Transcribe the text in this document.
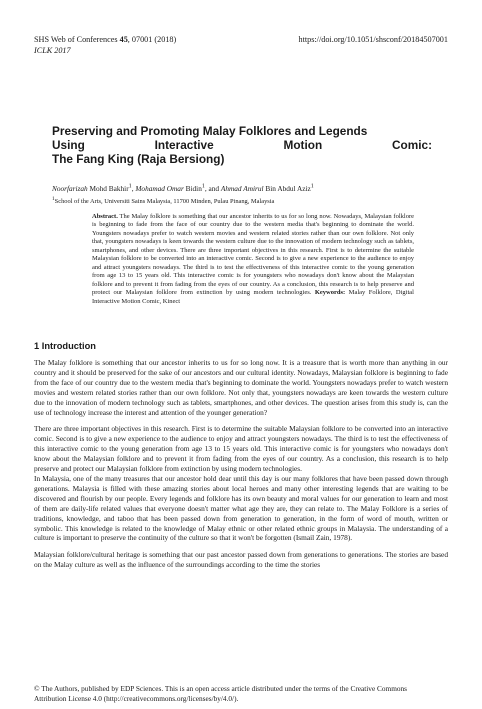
SHS Web of Conferences 45, 07001 (2018)
ICLK 2017
https://doi.org/10.1051/shsconf/20184507001
Preserving and Promoting Malay Folklores and Legends
Using Interactive Motion Comic:
The Fang King (Raja Bersiong)
Noorfarizah Mohd Bakhir$^1$, Mohamad Omar Bidin$^1$, and Ahmad Amirul Bin Abdul Aziz$^1$
$^1$School of the Arts, Universiti Sains Malaysia, 11700 Minden, Pulau Pinang, Malaysia

Abstract. The Malay folklore is something that our ancestor inherits to us for so long now. Nowadays, Malaysian folklore is beginning to fade from the face of our country due to the western media that's beginning to dominate the world. Youngsters nowadays prefer to watch western movies and western related stories rather than our own folklore. Not only that, youngsters nowadays is keen towards the western culture due to the innovation of modern technology such as tablets, smartphones, and other devices. There are three important objectives in this research. First is to determine the suitable Malaysian folklore to be converted into an interactive comic. Second is to give a new experience to the audience to enjoy and attract youngsters nowadays. The third is to test the effectiveness of this interactive comic to the young generation from age 13 to 15 years old. This interactive comic is for youngsters who nowadays don't know about the Malaysian folklore and to prevent it from fading from the eyes of our country. As a conclusion, this research is to help preserve and protect our Malaysian folklore from extinction by using modern technologies. Keywords: Malay Folklore, Digital Interactive Motion Comic, Kinect

1 Introduction

The Malay folklore is something that our ancestor inherits to us for so long now. It is a treasure that is worth more than anything in our country and it should be preserved for the sake of our ancestors and our cultural identity. Nowadays, Malaysian folklore is beginning to fade from the face of our country due to the western media that's beginning to dominate the world. Youngsters nowadays prefer to watch western movies and western related stories rather than our own folklore. Not only that, youngsters nowadays are keen towards the western culture due to the innovation of modern technology such as tablets, smartphones, and other devices. The question arises from this study is, can the use of technology increase the interest and attention of the younger generation?

There are three important objectives in this research. First is to determine the suitable Malaysian folklore to be converted into an interactive comic. Second is to give a new experience to the audience to enjoy and attract youngsters nowadays. The third is to test the effectiveness of this interactive comic to the young generation from age 13 to 15 years old. This interactive comic is for youngsters who nowadays don't know about the Malaysian folklore and to prevent it from fading from the eyes of our country. As a conclusion, this research is to help preserve and protect our Malaysian folklore from extinction by using modern technologies.

In Malaysia, one of the many treasures that our ancestor hold dear until this day is our many folklores that have been passed down through generations. Malaysia is filled with these amazing stories about local heroes and many other interesting legends that are waiting to be discovered and flourish by our people. Every legends and folklore has its own beauty and moral values for our generation to learn and most of them are daily-life related values that everyone doesn't matter what age they are, they can relate to. The Malay Folklore is a series of traditions, knowledge, and taboo that has been passed down from generation to generation, in the form of word of mouth, written or symbolic. This knowledge is related to the knowledge of Malay ethnic or other related ethnic groups in Malaysia. The understanding of a culture is important to preserve the continuity of the culture so that it won't be forgotten (Ismail Zain, 1978).

Malaysian folklore/cultural heritage is something that our past ancestor passed down from generations to generations. The stories are based on the Malay culture as well as the influence of the surroundings according to the time the stories

© The Authors, published by EDP Sciences. This is an open access article distributed under the terms of the Creative Commons
Attribution License 4.0 (http://creativecommons.org/licenses/by/4.0/).
